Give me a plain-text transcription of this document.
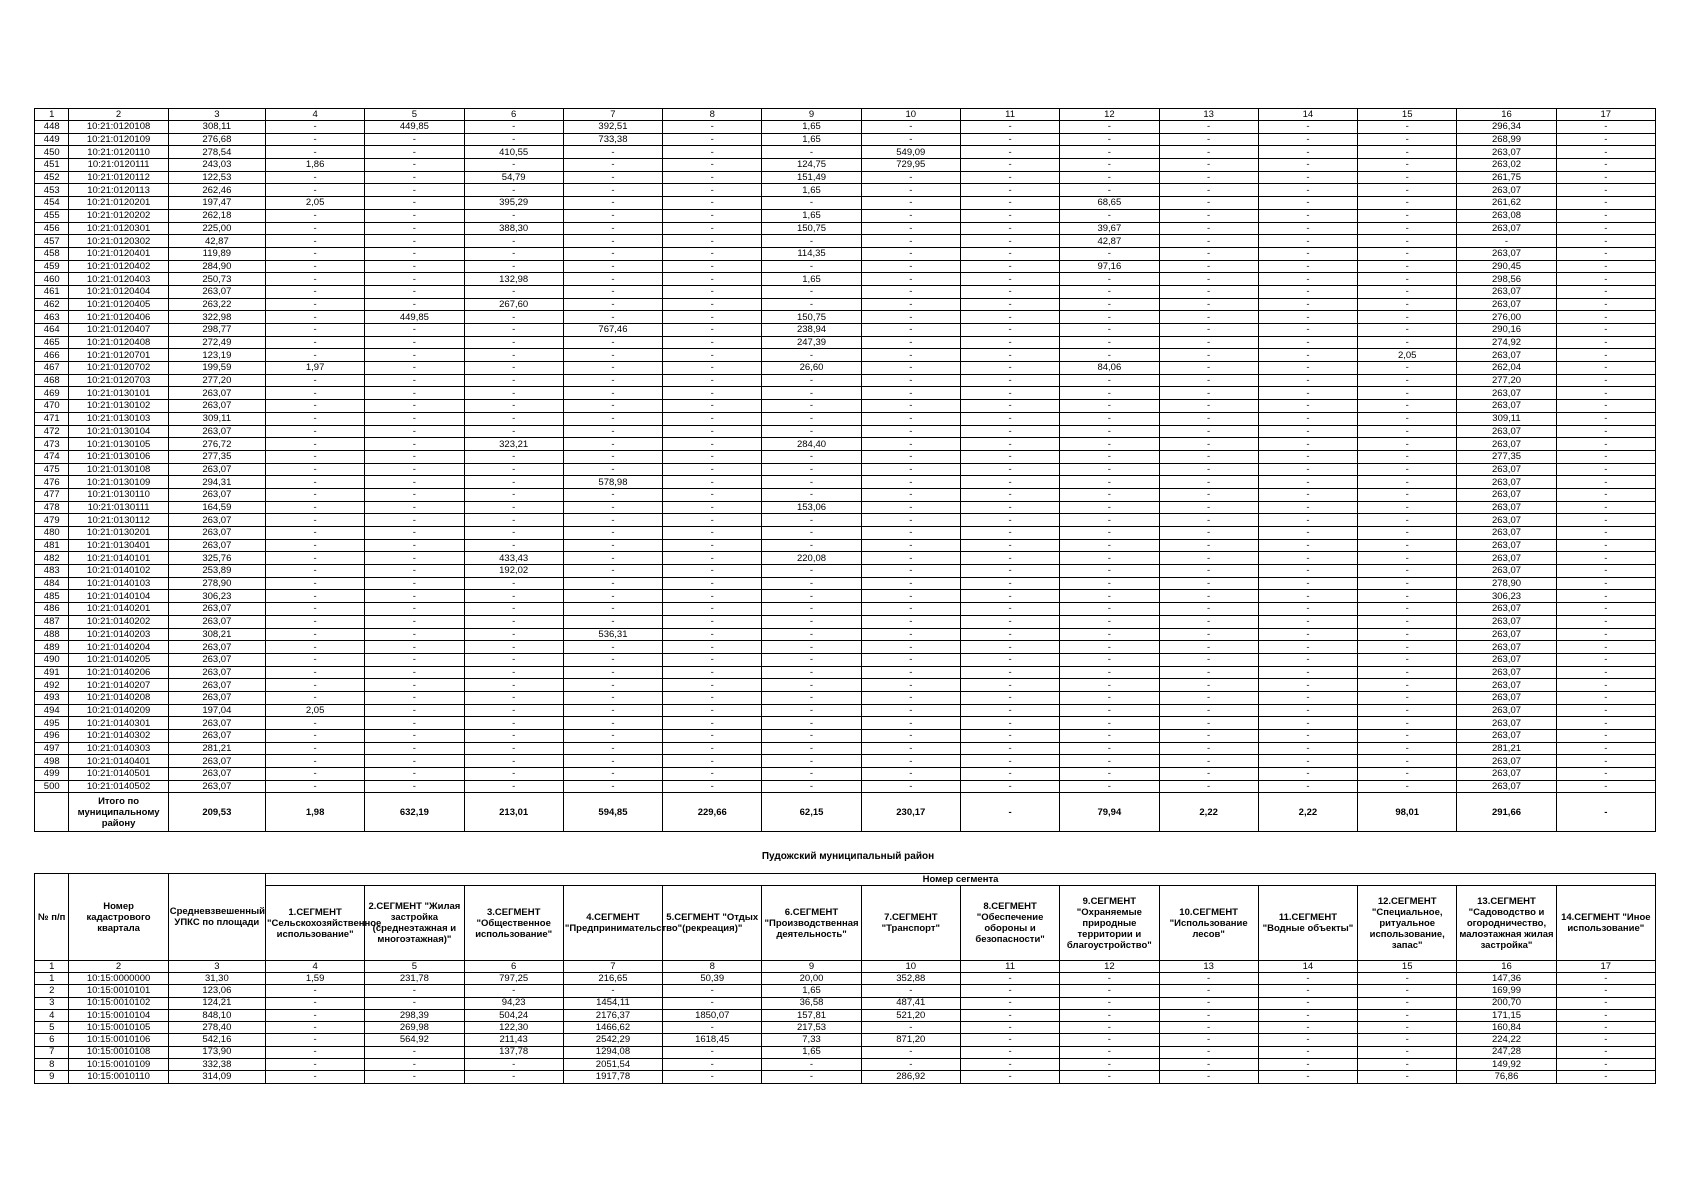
1	2	3	4	5	6	7	8	9	10	11	12	13	14	15	16	17
448	10:21:0120108	308,11	-	449,85	-	392,51	-	1,65	-	-	-	-	-	-	296,34	-
449	10:21:0120109	276,68	-	-	-	733,38	-	1,65	-	-	-	-	-	-	268,99	-
450	10:21:0120110	278,54	-	-	410,55	-	-	-	549,09	-	-	-	-	-	263,07	-
451	10:21:0120111	243,03	1,86	-	-	-	-	124,75	729,95	-	-	-	-	-	263,02	-
452	10:21:0120112	122,53	-	-	54,79	-	-	151,49	-	-	-	-	-	-	261,75	-
453	10:21:0120113	262,46	-	-	-	-	-	1,65	-	-	-	-	-	-	263,07	-
454	10:21:0120201	197,47	2,05	-	395,29	-	-	-	-	-	68,65	-	-	-	261,62	-
455	10:21:0120202	262,18	-	-	-	-	-	1,65	-	-	-	-	-	-	263,08	-
456	10:21:0120301	225,00	-	-	388,30	-	-	150,75	-	-	39,67	-	-	-	263,07	-
457	10:21:0120302	42,87	-	-	-	-	-	-	-	-	42,87	-	-	-	-	-
458	10:21:0120401	119,89	-	-	-	-	-	114,35	-	-	-	-	-	-	263,07	-
459	10:21:0120402	284,90	-	-	-	-	-	-	-	-	97,16	-	-	-	290,45	-
460	10:21:0120403	250,73	-	-	132,98	-	-	1,65	-	-	-	-	-	-	298,56	-
461	10:21:0120404	263,07	-	-	-	-	-	-	-	-	-	-	-	-	263,07	-
462	10:21:0120405	263,22	-	-	267,60	-	-	-	-	-	-	-	-	-	263,07	-
463	10:21:0120406	322,98	-	449,85	-	-	-	150,75	-	-	-	-	-	-	276,00	-
464	10:21:0120407	298,77	-	-	-	767,46	-	238,94	-	-	-	-	-	-	290,16	-
465	10:21:0120408	272,49	-	-	-	-	-	247,39	-	-	-	-	-	-	274,92	-
466	10:21:0120701	123,19	-	-	-	-	-	-	-	-	-	-	-	2,05	263,07	-
467	10:21:0120702	199,59	1,97	-	-	-	-	26,60	-	-	84,06	-	-	-	262,04	-
468	10:21:0120703	277,20	-	-	-	-	-	-	-	-	-	-	-	-	277,20	-
469	10:21:0130101	263,07	-	-	-	-	-	-	-	-	-	-	-	-	263,07	-
470	10:21:0130102	263,07	-	-	-	-	-	-	-	-	-	-	-	-	263,07	-
471	10:21:0130103	309,11	-	-	-	-	-	-	-	-	-	-	-	-	309,11	-
472	10:21:0130104	263,07	-	-	-	-	-	-	-	-	-	-	-	-	263,07	-
473	10:21:0130105	276,72	-	-	323,21	-	-	284,40	-	-	-	-	-	-	263,07	-
474	10:21:0130106	277,35	-	-	-	-	-	-	-	-	-	-	-	-	277,35	-
475	10:21:0130108	263,07	-	-	-	-	-	-	-	-	-	-	-	-	263,07	-
476	10:21:0130109	294,31	-	-	-	578,98	-	-	-	-	-	-	-	-	263,07	-
477	10:21:0130110	263,07	-	-	-	-	-	-	-	-	-	-	-	-	263,07	-
478	10:21:0130111	164,59	-	-	-	-	-	153,06	-	-	-	-	-	-	263,07	-
479	10:21:0130112	263,07	-	-	-	-	-	-	-	-	-	-	-	-	263,07	-
480	10:21:0130201	263,07	-	-	-	-	-	-	-	-	-	-	-	-	263,07	-
481	10:21:0130401	263,07	-	-	-	-	-	-	-	-	-	-	-	-	263,07	-
482	10:21:0140101	325,76	-	-	433,43	-	-	220,08	-	-	-	-	-	-	263,07	-
483	10:21:0140102	253,89	-	-	192,02	-	-	-	-	-	-	-	-	-	263,07	-
484	10:21:0140103	278,90	-	-	-	-	-	-	-	-	-	-	-	-	278,90	-
485	10:21:0140104	306,23	-	-	-	-	-	-	-	-	-	-	-	-	306,23	-
486	10:21:0140201	263,07	-	-	-	-	-	-	-	-	-	-	-	-	263,07	-
487	10:21:0140202	263,07	-	-	-	-	-	-	-	-	-	-	-	-	263,07	-
488	10:21:0140203	308,21	-	-	-	536,31	-	-	-	-	-	-	-	-	263,07	-
489	10:21:0140204	263,07	-	-	-	-	-	-	-	-	-	-	-	-	263,07	-
490	10:21:0140205	263,07	-	-	-	-	-	-	-	-	-	-	-	-	263,07	-
491	10:21:0140206	263,07	-	-	-	-	-	-	-	-	-	-	-	-	263,07	-
492	10:21:0140207	263,07	-	-	-	-	-	-	-	-	-	-	-	-	263,07	-
493	10:21:0140208	263,07	-	-	-	-	-	-	-	-	-	-	-	-	263,07	-
494	10:21:0140209	197,04	2,05	-	-	-	-	-	-	-	-	-	-	-	263,07	-
495	10:21:0140301	263,07	-	-	-	-	-	-	-	-	-	-	-	-	263,07	-
496	10:21:0140302	263,07	-	-	-	-	-	-	-	-	-	-	-	-	263,07	-
497	10:21:0140303	281,21	-	-	-	-	-	-	-	-	-	-	-	-	281,21	-
498	10:21:0140401	263,07	-	-	-	-	-	-	-	-	-	-	-	-	263,07	-
499	10:21:0140501	263,07	-	-	-	-	-	-	-	-	-	-	-	-	263,07	-
500	10:21:0140502	263,07	-	-	-	-	-	-	-	-	-	-	-	-	263,07	-
	Итого по муниципальному району	209,53	1,98	632,19	213,01	594,85	229,66	62,15	230,17	-	79,94	2,22	2,22	98,01	291,66	-
Пудожский муниципальный район
№ п/п	Номер кадастрового квартала	Средневзвешенный УПКС по площади	Номер сегмента													
			1.СЕГМЕНТ "Сельскохозяйственное использование"	2.СЕГМЕНТ "Жилая застройка (среднеэтажная и многоэтажная)"	3.СЕГМЕНТ "Общественное использование"	4.СЕГМЕНТ "Предпринимательство"	5.СЕГМЕНТ "Отдых (рекреация)"	6.СЕГМЕНТ "Производственная деятельность"	7.СЕГМЕНТ "Транспорт"	8.СЕГМЕНТ "Обеспечение обороны и безопасности"	9.СЕГМЕНТ "Охраняемые природные территории и благоустройство"	10.СЕГМЕНТ "Использование лесов"	11.СЕГМЕНТ "Водные объекты"	12.СЕГМЕНТ "Специальное, ритуальное использование, запас"	13.СЕГМЕНТ "Садоводство и огородничество, малоэтажная жилая застройка"	14.СЕГМЕНТ "Иное использование"
1	2	3	4	5	6	7	8	9	10	11	12	13	14	15	16	17
1	10:15:0000000	31,30	1,59	231,78	797,25	216,65	50,39	20,00	352,88	-	-	-	-	-	147,36	-
2	10:15:0010101	123,06	-	-	-	-	-	1,65	-	-	-	-	-	-	169,99	-
3	10:15:0010102	124,21	-	-	94,23	1454,11	-	36,58	487,41	-	-	-	-	-	200,70	-
4	10:15:0010104	848,10	-	298,39	504,24	2176,37	1850,07	157,81	521,20	-	-	-	-	-	171,15	-
5	10:15:0010105	278,40	-	269,98	122,30	1466,62	-	217,53	-	-	-	-	-	-	160,84	-
6	10:15:0010106	542,16	-	564,92	211,43	2542,29	1618,45	7,33	871,20	-	-	-	-	-	224,22	-
7	10:15:0010108	173,90	-	-	137,78	1294,08	-	1,65	-	-	-	-	-	-	247,28	-
8	10:15:0010109	332,38	-	-	-	2051,54	-	-	-	-	-	-	-	-	149,92	-
9	10:15:0010110	314,09	-	-	-	1917,78	-	-	286,92	-	-	-	-	-	76,86	-
